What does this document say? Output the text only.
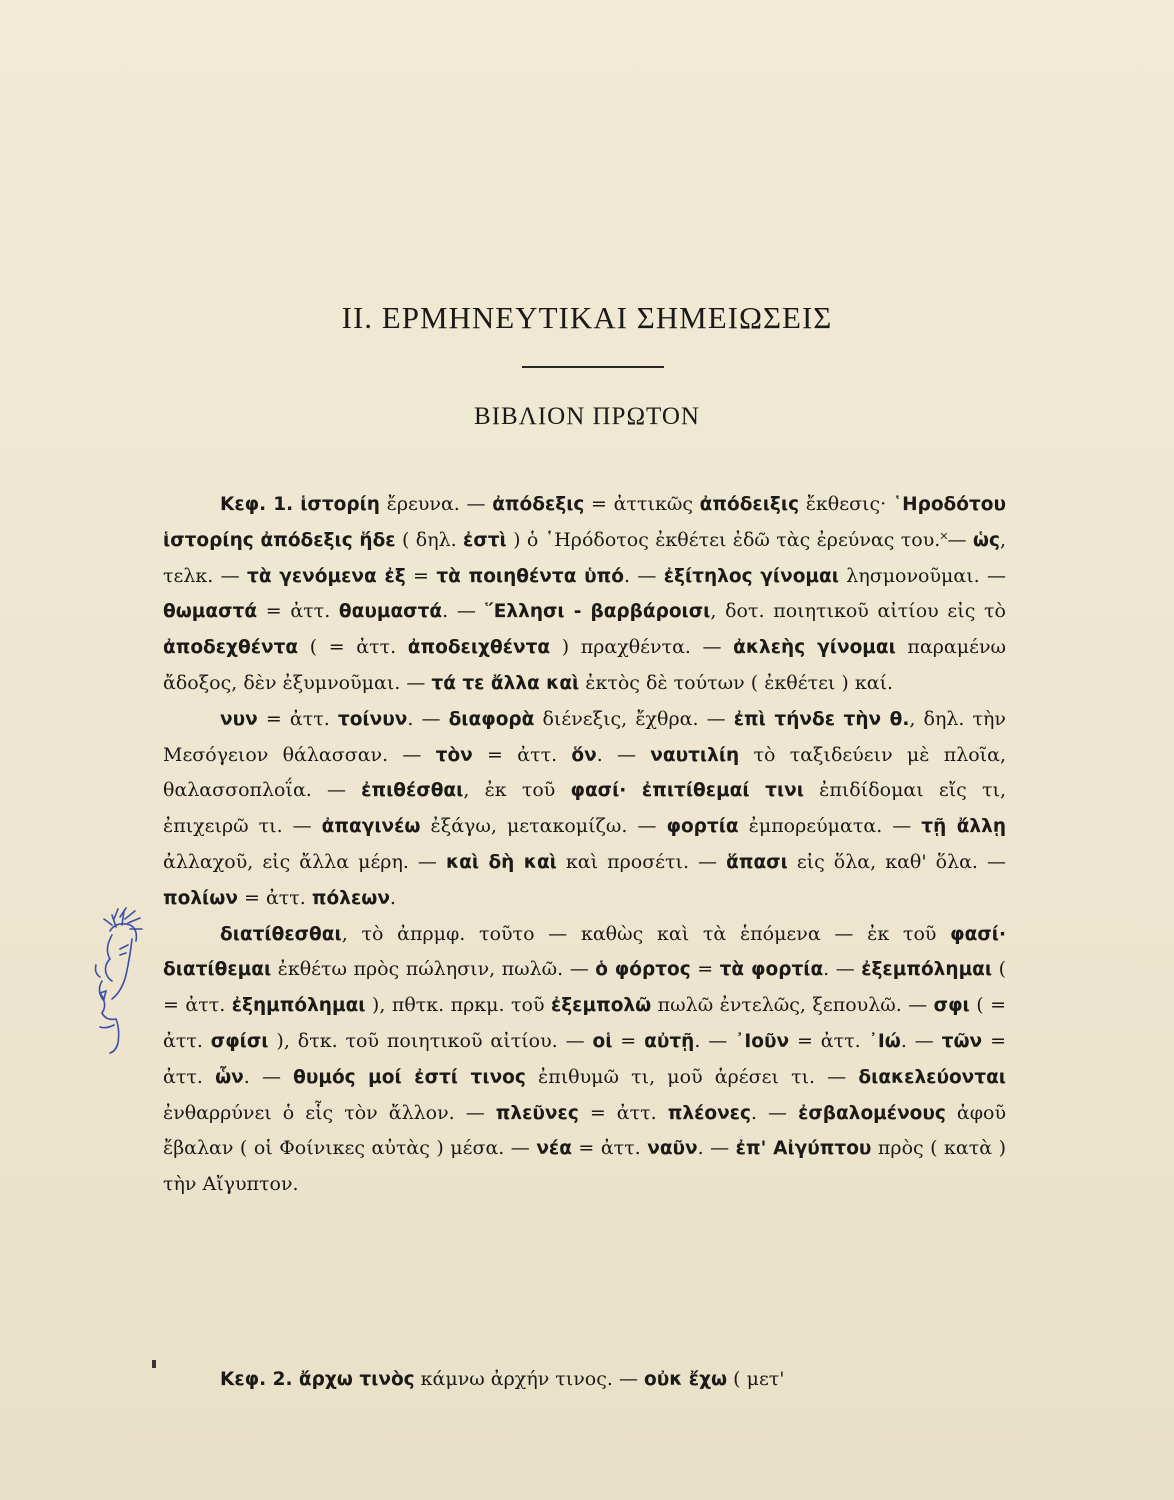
II. ΕΡΜΗΝΕΥΤΙΚΑΙ ΣΗΜΕΙΩΣΕΙΣ
ΒΙΒΛΙΟΝ ΠΡΩΤΟΝ

Κεφ. 1. ἱστορίη ἔρευνα. — ἀπόδεξις = ἀττικῶς ἀπόδειξις ἔκθεσις· ῾Ηροδότου ἱστορίης ἀπόδεξις ἥδε ( δηλ. ἐστὶ ) ὁ ῾Ηρόδοτος ἐκθέτει ἐδῶ τὰς ἐρεύνας του.˟— ὡς, τελκ. — τὰ γενόμενα ἐξ = τὰ ποιηθέντα ὑπό. — ἐξίτηλος γίνομαι λησμονοῦμαι. — θωμαστά = ἀττ. θαυμαστά. — ῞Ελλησι - βαρβάροισι, δοτ. ποιητικοῦ αἰτίου εἰς τὸ ἀποδεχθέντα ( = ἀττ. ἀποδειχθέντα ) πραχθέντα. — ἀκλεὴς γίνομαι παραμένω ἄδοξος, δὲν ἐξυμνοῦμαι. — τά τε ἄλλα καὶ ἐκτὸς δὲ τούτων ( ἐκθέτει ) καί.

νυν = ἀττ. τοίνυν. — διαφορὰ διένεξις, ἔχθρα. — ἐπὶ τήνδε τὴν θ., δηλ. τὴν Μεσόγειον θάλασσαν. — τὸν = ἀττ. ὅν. — ναυτιλίη τὸ ταξιδεύειν μὲ πλοῖα, θαλασσοπλοΐα. — ἐπιθέσθαι, ἐκ τοῦ φασί· ἐπιτίθεμαί τινι ἐπιδίδομαι εἴς τι, ἐπιχειρῶ τι. — ἀπαγινέω ἐξάγω, μετακομίζω. — φορτία ἐμπορεύματα. — τῇ ἄλλῃ ἀλλαχοῦ, εἰς ἄλλα μέρη. — καὶ δὴ καὶ καὶ προσέτι. — ἅπασι εἰς ὅλα, καθ' ὅλα. — πολίων = ἀττ. πόλεων.

διατίθεσθαι, τὸ ἀπρμφ. τοῦτο — καθὼς καὶ τὰ ἑπόμενα — ἐκ τοῦ φασί· διατίθεμαι ἐκθέτω πρὸς πώλησιν, πωλῶ. — ὁ φόρτος = τὰ φορτία. — ἐξεμπόλημαι ( = ἀττ. ἐξημπόλημαι ), πθτκ. πρκμ. τοῦ ἐξεμπολῶ πωλῶ ἐντελῶς, ξεπουλῶ. — σφι ( = ἀττ. σφίσι ), δτκ. τοῦ ποιητικοῦ αἰτίου. — οἱ = αὐτῇ. — ᾿Ιοῦν = ἀττ. ᾿Ιώ. — τῶν = ἀττ. ὧν. — θυμός μοί ἐστί τινος ἐπιθυμῶ τι, μοῦ ἀρέσει τι. — διακελεύονται ἐνθαρρύνει ὁ εἷς τὸν ἄλλον. — πλεῦνες = ἀττ. πλέονες. — ἐσβαλομένους ἀφοῦ ἔβαλαν ( οἱ Φοίνικες αὐτὰς ) μέσα. — νέα = ἀττ. ναῦν. — ἐπ' Αἰγύπτου πρὸς ( κατὰ ) τὴν Αἴγυπτον.

Κεφ. 2. ἄρχω τινὸς κάμνω ἀρχήν τινος. — οὐκ ἔχω ( μετ'
